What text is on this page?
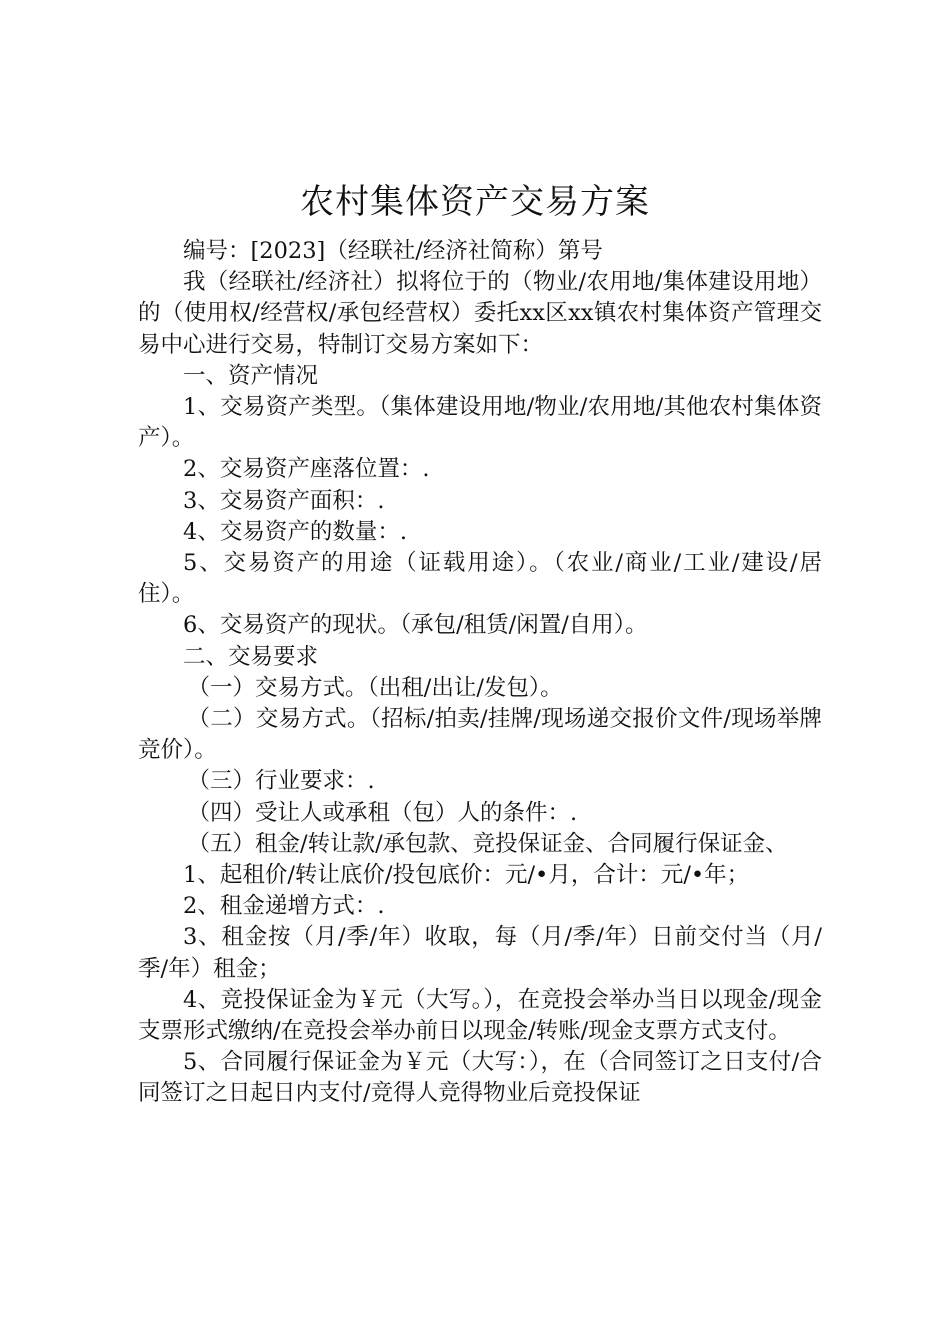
农村集体资产交易方案

编号：[2023]（经联社/经济社简称）第号

我（经联社/经济社）拟将位于的（物业/农用地/集体建设用地）的（使用权/经营权/承包经营权）委托xx区xx镇农村集体资产管理交易中心进行交易，特制订交易方案如下：

一、资产情况

1、交易资产类型。（集体建设用地/物业/农用地/其他农村集体资产）。

2、交易资产座落位置：.

3、交易资产面积：.

4、交易资产的数量：.

5、交易资产的用途（证载用途）。（农业/商业/工业/建设/居住）。

6、交易资产的现状。（承包/租赁/闲置/自用）。

二、交易要求

（一）交易方式。（出租/出让/发包）。

（二）交易方式。（招标/拍卖/挂牌/现场递交报价文件/现场举牌竞价）。

（三）行业要求：.

（四）受让人或承租（包）人的条件：.

（五）租金/转让款/承包款、竞投保证金、合同履行保证金、

1、起租价/转让底价/投包底价：元/•月，合计：元/•年；

2、租金递增方式：.

3、租金按（月/季/年）收取，每（月/季/年）日前交付当（月/季/年）租金；

4、竞投保证金为￥元（大写。），在竞投会举办当日以现金/现金支票形式缴纳/在竞投会举办前日以现金/转账/现金支票方式支付。

5、合同履行保证金为￥元（大写：），在（合同签订之日支付/合同签订之日起日内支付/竞得人竞得物业后竞投保证
